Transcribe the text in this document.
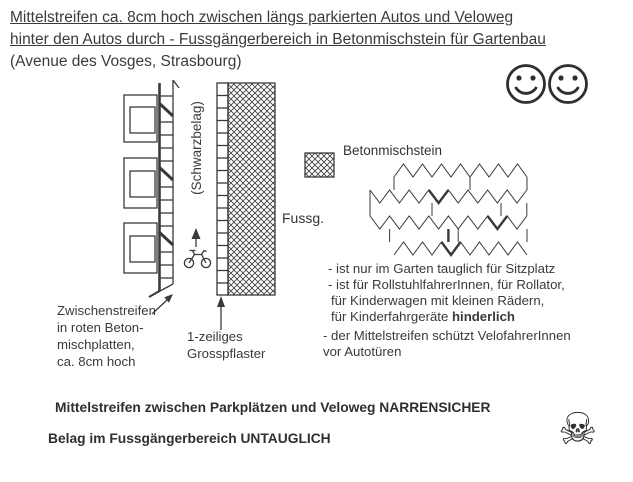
Mittelstreifen ca. 8cm hoch zwischen längs parkierten Autos und Veloweg
hinter den Autos durch - Fussgängerbereich in Betonmischstein für Gartenbau
(Avenue des Vosges, Strasbourg)
(Schwarzbelag)
Fussg.
Betonmischstein
Zwischenstreifen
in roten Beton-
mischplatten,
ca. 8cm hoch
1-zeiliges
Grosspflaster
- ist nur im Garten tauglich für Sitzplatz
- ist für RollstuhlfahrerInnen, für Rollator,
für Kinderwagen mit kleinen Rädern,
für Kinderfahrgeräte hinderlich
- der Mittelstreifen schützt VelofahrerInnen
vor Autotüren
Mittelstreifen zwischen Parkplätzen und Veloweg NARRENSICHER
Belag im Fussgängerbereich UNTAUGLICH	☠
